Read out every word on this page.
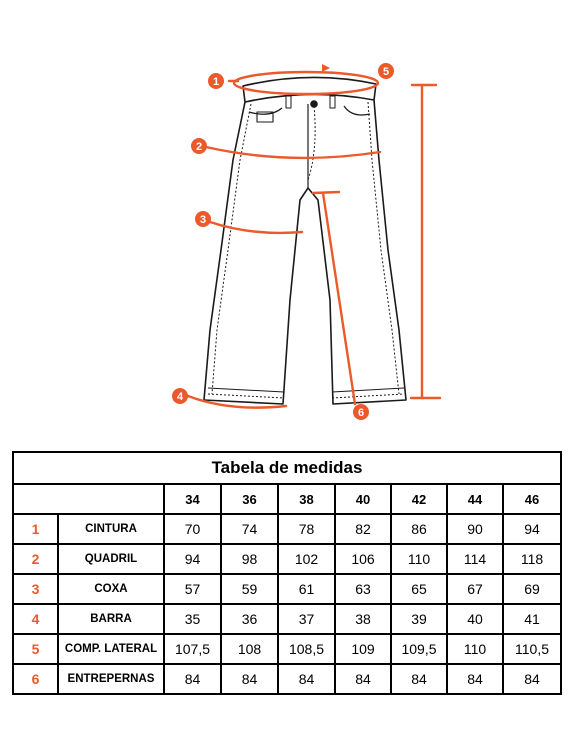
1
2
3
4
5
6
Tabela de medidas								
		34	36	38	40	42	44	46
1	CINTURA	70	74	78	82	86	90	94
2	QUADRIL	94	98	102	106	110	114	118
3	COXA	57	59	61	63	65	67	69
4	BARRA	35	36	37	38	39	40	41
5	COMP. LATERAL	107,5	108	108,5	109	109,5	110	110,5
6	ENTREPERNAS	84	84	84	84	84	84	84
